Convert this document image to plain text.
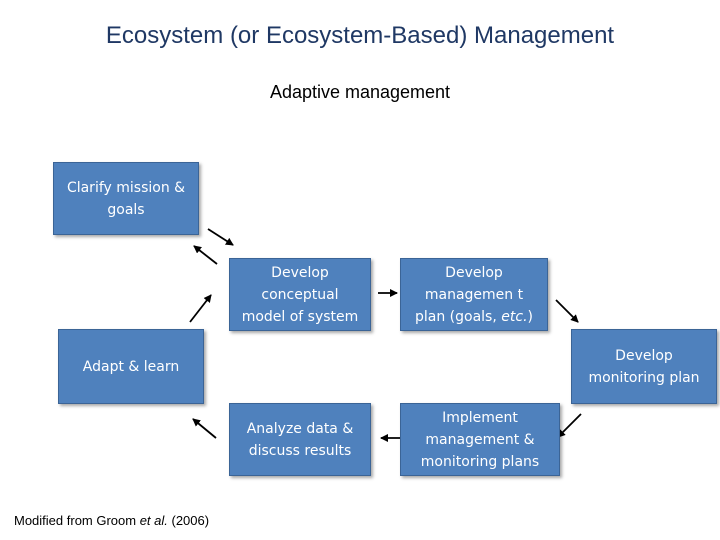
Ecosystem (or Ecosystem-Based) Management
Adaptive management
Clarify mission &
goals
Develop
conceptual
model of system
Develop
managemen t
plan (goals, etc.)
Develop
monitoring plan
Implement
management &
monitoring plans
Analyze data &
discuss results
Adapt & learn
Modified from Groom et al. (2006)
